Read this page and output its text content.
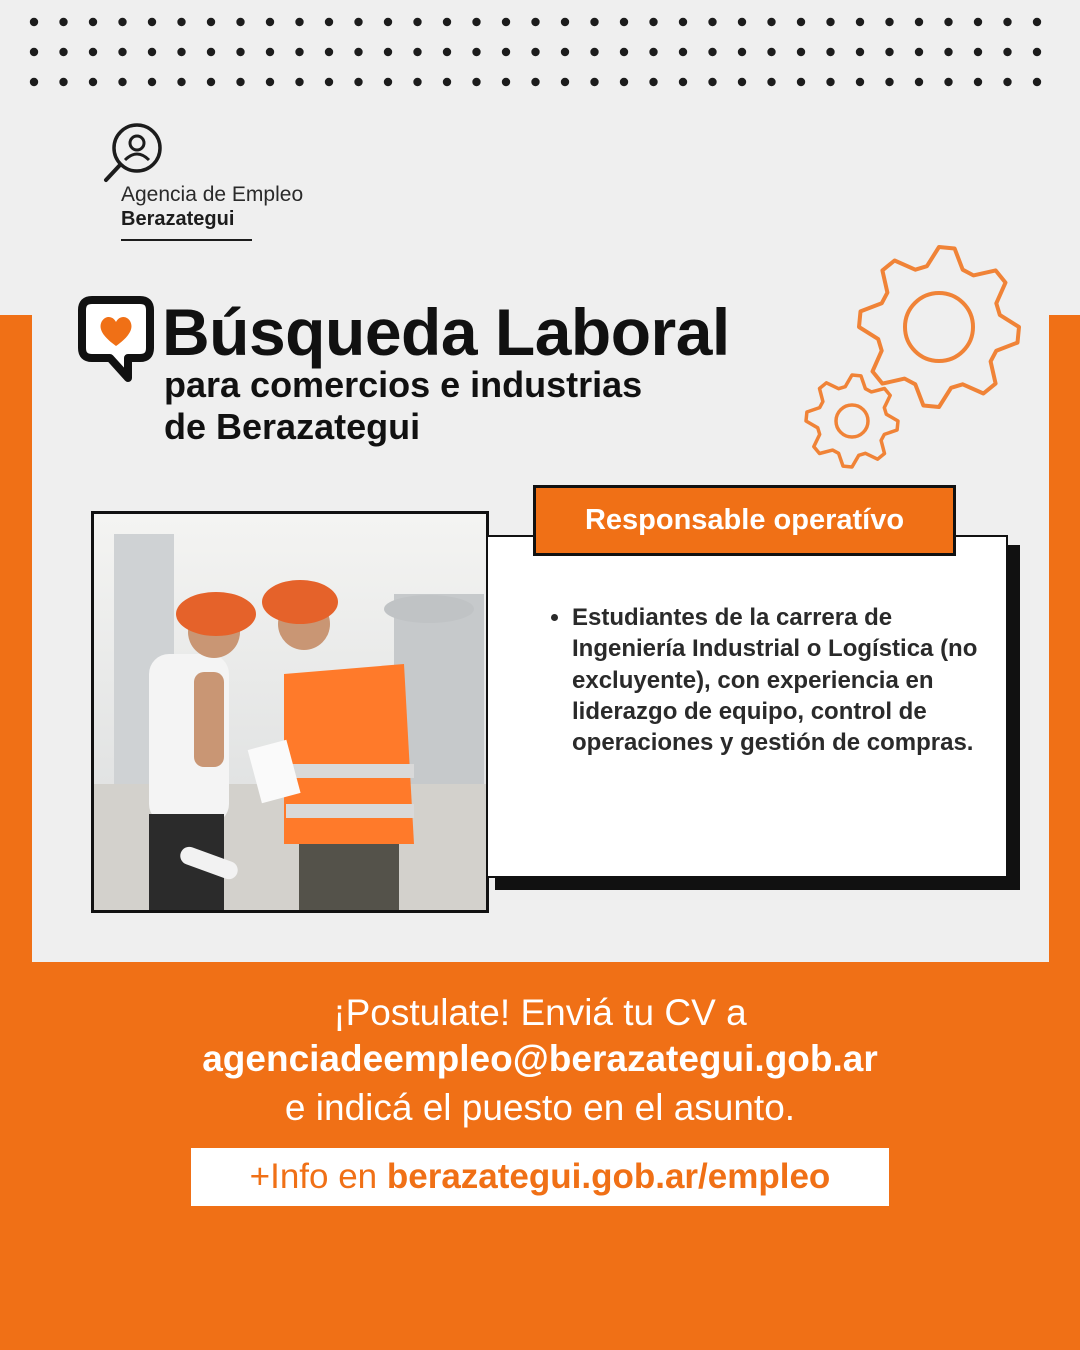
Agencia de Empleo
Berazategui
Búsqueda Laboral
para comercios e industrias
de Berazategui
Responsable operatívo
• Estudiantes de la carrera de Ingeniería Industrial o Logística (no excluyente), con experiencia en liderazgo de equipo, control de operaciones y gestión de compras.
¡Postulate! Enviá tu CV a
agenciadeempleo@berazategui.gob.ar
e indicá el puesto en el asunto.
+Info en berazategui.gob.ar/empleo
